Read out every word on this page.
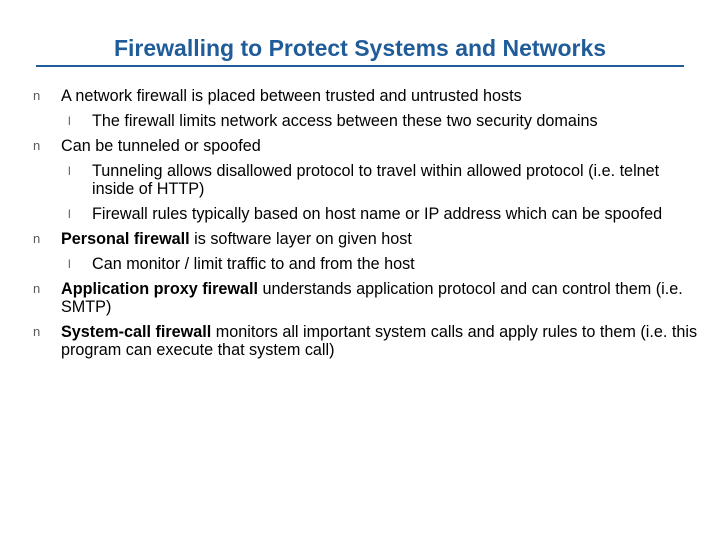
Firewalling to Protect Systems and Networks
n A network firewall is placed between trusted and untrusted hosts
l The firewall limits network access between these two security domains
n Can be tunneled or spoofed
l Tunneling allows disallowed protocol to travel within allowed protocol (i.e. telnet inside of HTTP)
l Firewall rules typically based on host name or IP address which can be spoofed
n Personal firewall is software layer on given host
l Can monitor / limit traffic to and from the host
n Application proxy firewall understands application protocol and can control them (i.e. SMTP)
n System-call firewall monitors all important system calls and apply rules to them (i.e. this program can execute that system call)
